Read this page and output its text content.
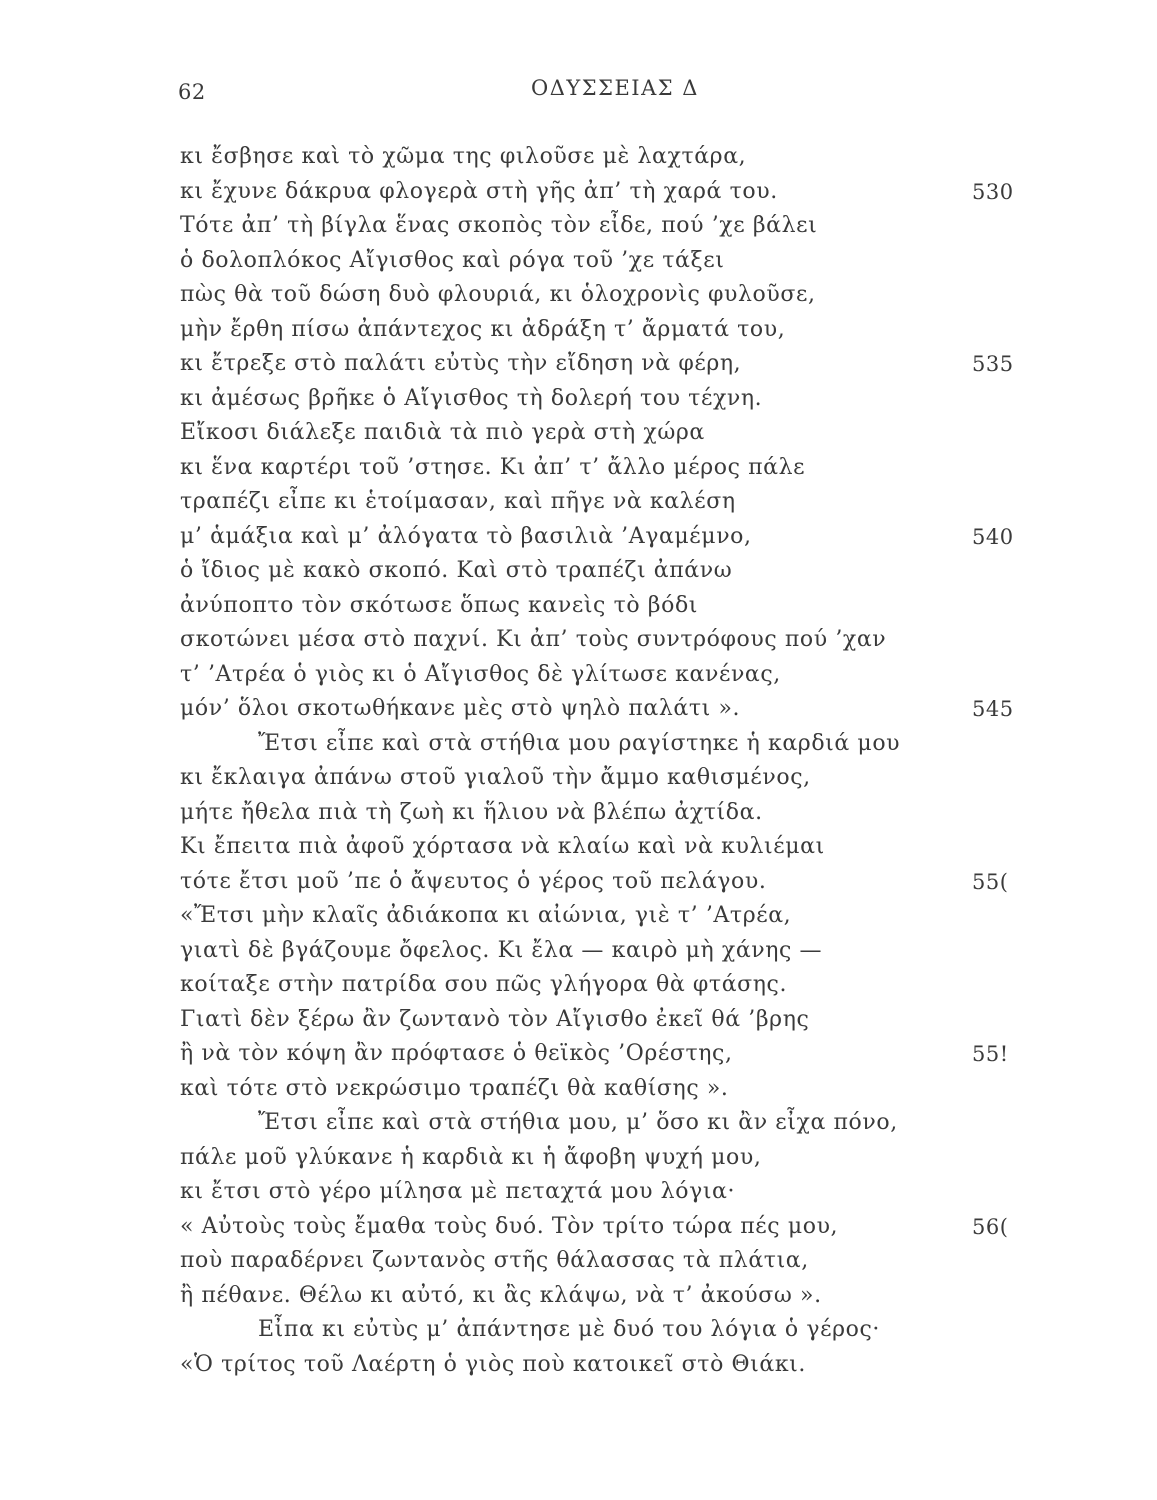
62	ΟΔΥΣΣΕΙΑΣ Δ
κι ἔσβησε καὶ τὸ χῶμα της φιλοῦσε μὲ λαχτάρα,
κι ἔχυνε δάκρυα φλογερὰ στὴ γῆς ἀπ’ τὴ χαρά του.	530
Τότε ἀπ’ τὴ βίγλα ἕνας σκοπὸς τὸν εἶδε, πού ’χε βάλει
ὁ δολοπλόκος Αἴγισθος καὶ ρόγα τοῦ ’χε τάξει
πὼς θὰ τοῦ δώση δυὸ φλουριά, κι ὁλοχρονὶς φυλοῦσε,
μὴν ἔρθη πίσω ἀπάντεχος κι ἀδράξη τ’ ἄρματά του,
κι ἔτρεξε στὸ παλάτι εὐτὺς τὴν εἴδηση νὰ φέρη,	535
κι ἀμέσως βρῆκε ὁ Αἴγισθος τὴ δολερή του τέχνη.
Εἴκοσι διάλεξε παιδιὰ τὰ πιὸ γερὰ στὴ χώρα
κι ἕνα καρτέρι τοῦ ’στησε. Κι ἀπ’ τ’ ἄλλο μέρος πάλε
τραπέζι εἶπε κι ἑτοίμασαν, καὶ πῆγε νὰ καλέση
μ’ ἁμάξια καὶ μ’ ἀλόγατα τὸ βασιλιὰ ’Αγαμέμνο,	540
ὁ ἴδιος μὲ κακὸ σκοπό. Καὶ στὸ τραπέζι ἀπάνω
ἀνύποπτο τὸν σκότωσε ὅπως κανεὶς τὸ βόδι
σκοτώνει μέσα στὸ παχνί. Κι ἀπ’ τοὺς συντρόφους πού ’χαν
τ’ ’Ατρέα ὁ γιὸς κι ὁ Αἴγισθος δὲ γλίτωσε κανένας,
μόν’ ὅλοι σκοτωθήκανε μὲς στὸ ψηλὸ παλάτι ».	545
Ἔτσι εἶπε καὶ στὰ στήθια μου ραγίστηκε ἡ καρδιά μου
κι ἔκλαιγα ἀπάνω στοῦ γιαλοῦ τὴν ἄμμο καθισμένος,
μήτε ἤθελα πιὰ τὴ ζωὴ κι ἥλιου νὰ βλέπω ἀχτίδα.
Κι ἔπειτα πιὰ ἀφοῦ χόρτασα νὰ κλαίω καὶ νὰ κυλιέμαι
τότε ἔτσι μοῦ ’πε ὁ ἄψευτος ὁ γέρος τοῦ πελάγου.	55(
«Ἔτσι μὴν κλαῖς ἀδιάκοπα κι αἰώνια, γιὲ τ’ ’Ατρέα,
γιατὶ δὲ βγάζουμε ὄφελος. Κι ἔλα — καιρὸ μὴ χάνης —
κοίταξε στὴν πατρίδα σου πῶς γλήγορα θὰ φτάσης.
Γιατὶ δὲν ξέρω ἂν ζωντανὸ τὸν Αἴγισθο ἐκεῖ θά ’βρης
ἢ νὰ τὸν κόψη ἂν πρόφτασε ὁ θεϊκὸς ’Ορέστης,	55!
καὶ τότε στὸ νεκρώσιμο τραπέζι θὰ καθίσης ».
Ἔτσι εἶπε καὶ στὰ στήθια μου, μ’ ὅσο κι ἂν εἶχα πόνο,
πάλε μοῦ γλύκανε ἡ καρδιὰ κι ἡ ἄφοβη ψυχή μου,
κι ἔτσι στὸ γέρο μίλησα μὲ πεταχτά μου λόγια·
« Αὐτοὺς τοὺς ἔμαθα τοὺς δυό. Τὸν τρίτο τώρα πές μου,	56(
ποὺ παραδέρνει ζωντανὸς στῆς θάλασσας τὰ πλάτια,
ἢ πέθανε. Θέλω κι αὐτό, κι ἂς κλάψω, νὰ τ’ ἀκούσω ».
Εἶπα κι εὐτὺς μ’ ἀπάντησε μὲ δυό του λόγια ὁ γέρος·
«Ὁ τρίτος τοῦ Λαέρτη ὁ γιὸς ποὺ κατοικεῖ στὸ Θιάκι.
